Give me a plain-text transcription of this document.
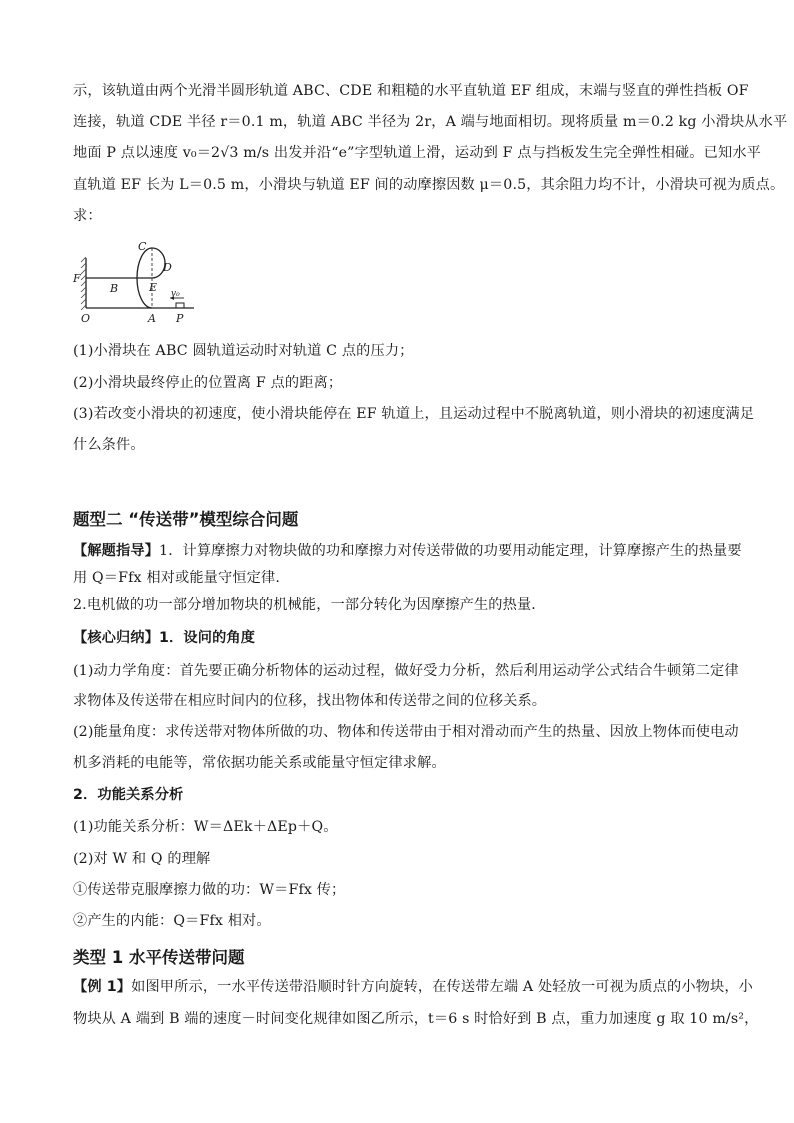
示，该轨道由两个光滑半圆形轨道 ABC、CDE 和粗糙的水平直轨道 EF 组成，末端与竖直的弹性挡板 OF
连接，轨道 CDE 半径 r＝0.1 m，轨道 ABC 半径为 2r，A 端与地面相切。现将质量 m＝0.2 kg 小滑块从水平
地面 P 点以速度 v₀＝2√3 m/s 出发并沿“e”字型轨道上滑，运动到 F 点与挡板发生完全弹性相碰。已知水平
直轨道 EF 长为 L＝0.5 m，小滑块与轨道 EF 间的动摩擦因数 μ＝0.5，其余阻力均不计，小滑块可视为质点。
求：
C
D
F
B	E v₀
O	A P
(1)小滑块在 ABC 圆轨道运动时对轨道 C 点的压力；
(2)小滑块最终停止的位置离 F 点的距离；
(3)若改变小滑块的初速度，使小滑块能停在 EF 轨道上，且运动过程中不脱离轨道，则小滑块的初速度满足
什么条件。
题型二 “传送带”模型综合问题
【解题指导】1．计算摩擦力对物块做的功和摩擦力对传送带做的功要用动能定理，计算摩擦产生的热量要
用 Q＝Ffx 相对或能量守恒定律.
2.电机做的功一部分增加物块的机械能，一部分转化为因摩擦产生的热量．
【核心归纳】1．设问的角度
(1)动力学角度：首先要正确分析物体的运动过程，做好受力分析，然后利用运动学公式结合牛顿第二定律
求物体及传送带在相应时间内的位移，找出物体和传送带之间的位移关系。
(2)能量角度：求传送带对物体所做的功、物体和传送带由于相对滑动而产生的热量、因放上物体而使电动
机多消耗的电能等，常依据功能关系或能量守恒定律求解。
2．功能关系分析
(1)功能关系分析：W＝ΔEk＋ΔEp＋Q。
(2)对 W 和 Q 的理解
①传送带克服摩擦力做的功：W＝Ffx 传；
②产生的内能：Q＝Ffx 相对。
类型 1 水平传送带问题
【例 1】如图甲所示，一水平传送带沿顺时针方向旋转，在传送带左端 A 处轻放一可视为质点的小物块，小
物块从 A 端到 B 端的速度－时间变化规律如图乙所示，t＝6 s 时恰好到 B 点，重力加速度 g 取 10 m/s²，
